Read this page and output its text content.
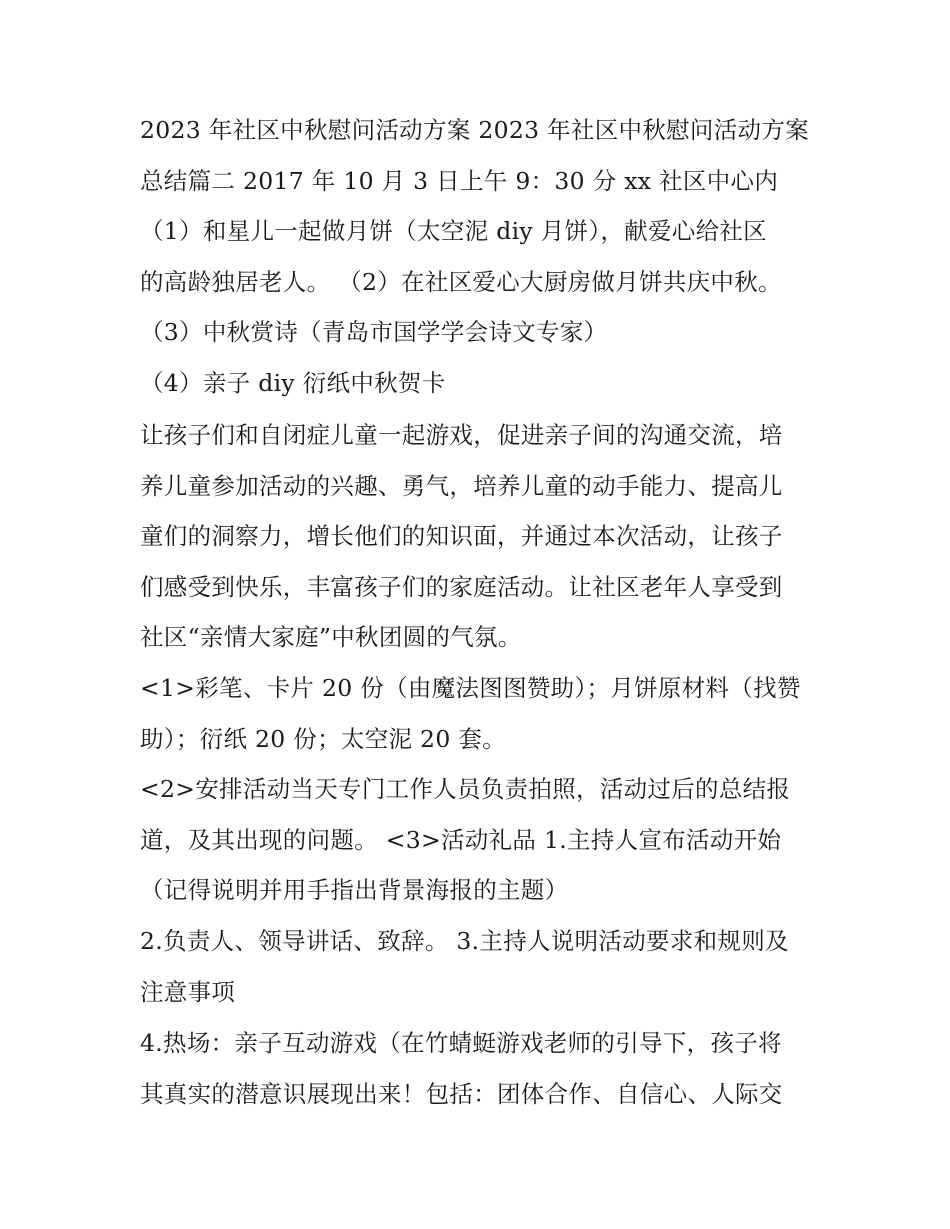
2023 年社区中秋慰问活动方案 2023 年社区中秋慰问活动方案
总结篇二 2017 年 10 月 3 日上午 9：30 分 xx 社区中心内
（1）和星儿一起做月饼（太空泥 diy 月饼），献爱心给社区
的高龄独居老人。 （2）在社区爱心大厨房做月饼共庆中秋。
（3）中秋赏诗（青岛市国学学会诗文专家）
（4）亲子 diy 衍纸中秋贺卡
让孩子们和自闭症儿童一起游戏，促进亲子间的沟通交流，培
养儿童参加活动的兴趣、勇气，培养儿童的动手能力、提高儿
童们的洞察力，增长他们的知识面，并通过本次活动，让孩子
们感受到快乐，丰富孩子们的家庭活动。让社区老年人享受到
社区“亲情大家庭”中秋团圆的气氛。
<1>彩笔、卡片 20 份（由魔法图图赞助）；月饼原材料（找赞
助）；衍纸 20 份；太空泥 20 套。
<2>安排活动当天专门工作人员负责拍照，活动过后的总结报
道，及其出现的问题。 <3>活动礼品 1.主持人宣布活动开始
（记得说明并用手指出背景海报的主题）
2.负责人、领导讲话、致辞。 3.主持人说明活动要求和规则及
注意事项
4.热场：亲子互动游戏（在竹蜻蜓游戏老师的引导下，孩子将
其真实的潜意识展现出来！包括：团体合作、自信心、人际交
